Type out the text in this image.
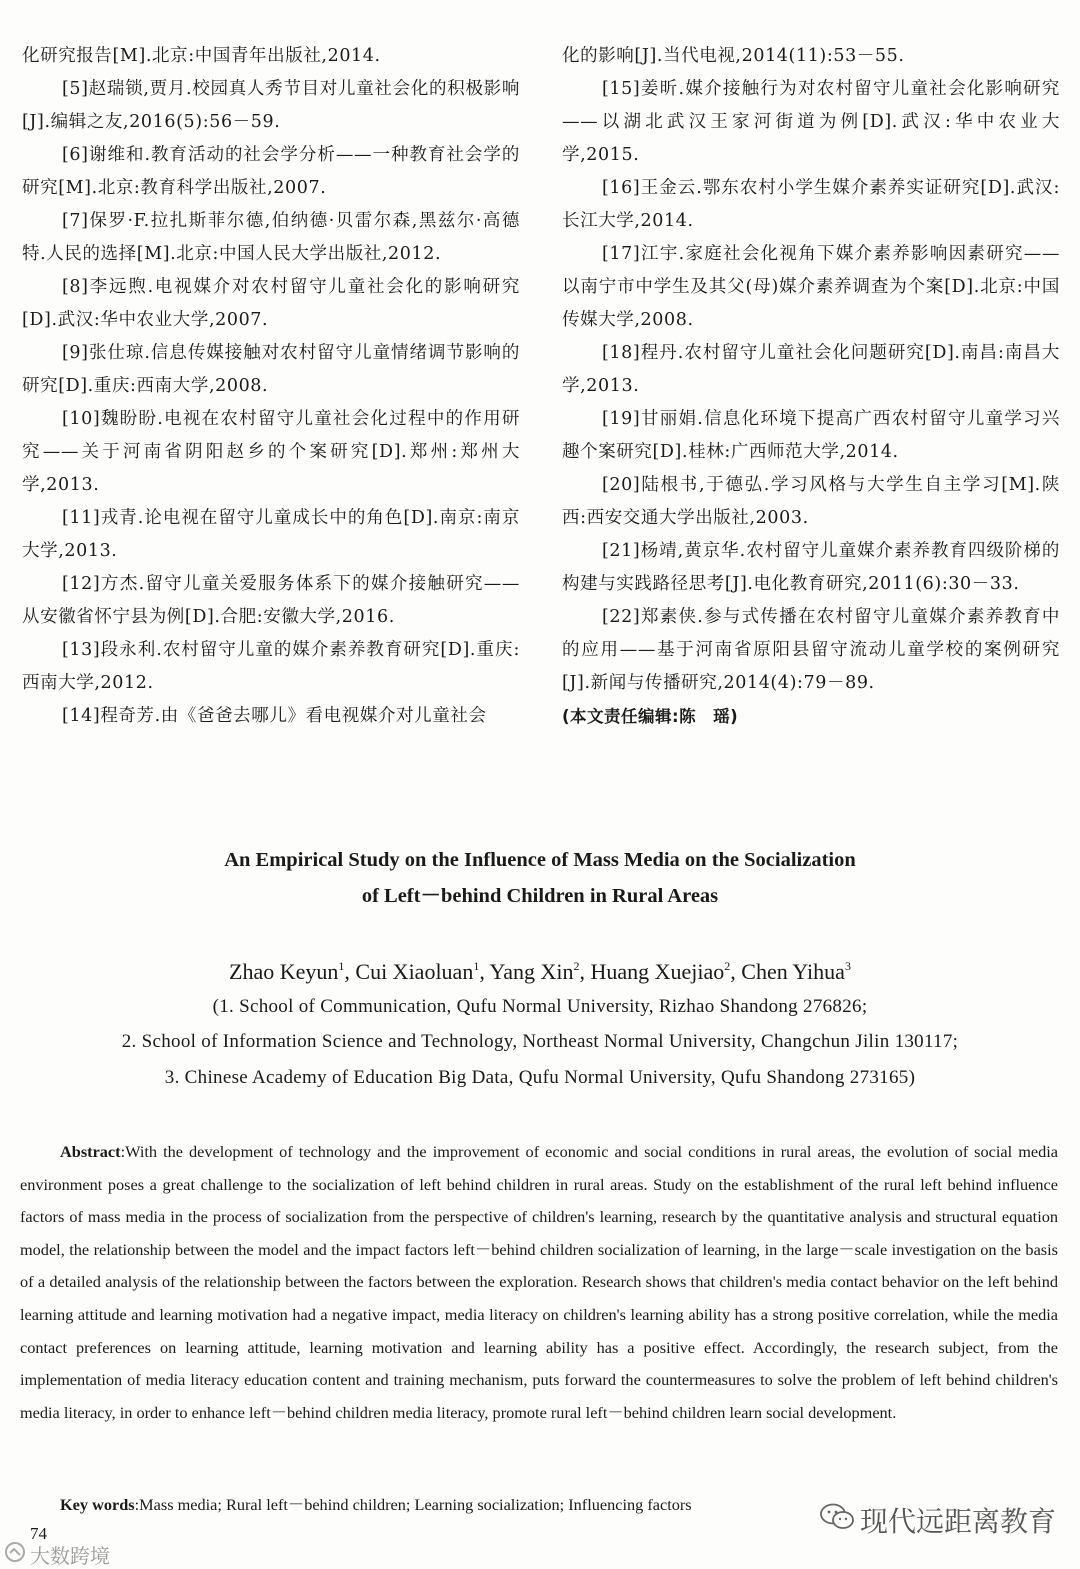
化研究报告[M].北京:中国青年出版社,2014.

[5]赵瑞锁,贾月.校园真人秀节目对儿童社会化的积极影响[J].编辑之友,2016(5):56－59.

[6]谢维和.教育活动的社会学分析——一种教育社会学的研究[M].北京:教育科学出版社,2007.

[7]保罗·F.拉扎斯菲尔德,伯纳德·贝雷尔森,黑兹尔·高德特.人民的选择[M].北京:中国人民大学出版社,2012.

[8]李远煦.电视媒介对农村留守儿童社会化的影响研究[D].武汉:华中农业大学,2007.

[9]张仕琼.信息传媒接触对农村留守儿童情绪调节影响的研究[D].重庆:西南大学,2008.

[10]魏盼盼.电视在农村留守儿童社会化过程中的作用研究——关于河南省阴阳赵乡的个案研究[D].郑州:郑州大学,2013.

[11]戎青.论电视在留守儿童成长中的角色[D].南京:南京大学,2013.

[12]方杰.留守儿童关爱服务体系下的媒介接触研究——从安徽省怀宁县为例[D].合肥:安徽大学,2016.

[13]段永利.农村留守儿童的媒介素养教育研究[D].重庆:西南大学,2012.

[14]程奇芳.由《爸爸去哪儿》看电视媒介对儿童社会

化的影响[J].当代电视,2014(11):53－55.

[15]姜昕.媒介接触行为对农村留守儿童社会化影响研究——以湖北武汉王家河街道为例[D].武汉:华中农业大学,2015.

[16]王金云.鄂东农村小学生媒介素养实证研究[D].武汉:长江大学,2014.

[17]江宇.家庭社会化视角下媒介素养影响因素研究——以南宁市中学生及其父(母)媒介素养调查为个案[D].北京:中国传媒大学,2008.

[18]程丹.农村留守儿童社会化问题研究[D].南昌:南昌大学,2013.

[19]甘丽娟.信息化环境下提高广西农村留守儿童学习兴趣个案研究[D].桂林:广西师范大学,2014.

[20]陆根书,于德弘.学习风格与大学生自主学习[M].陕西:西安交通大学出版社,2003.

[21]杨靖,黄京华.农村留守儿童媒介素养教育四级阶梯的构建与实践路径思考[J].电化教育研究,2011(6):30－33.

[22]郑素侠.参与式传播在农村留守儿童媒介素养教育中的应用——基于河南省原阳县留守流动儿童学校的案例研究[J].新闻与传播研究,2014(4):79－89.

(本文责任编辑:陈　瑶)

An Empirical Study on the Influence of Mass Media on the Socialization
of Left－behind Children in Rural Areas
Zhao Keyun$^1$, Cui Xiaoluan$^1$, Yang Xin$^2$, Huang Xuejiao$^2$, Chen Yihua$^3$
(1. School of Communication, Qufu Normal University, Rizhao Shandong 276826;
2. School of Information Science and Technology, Northeast Normal University, Changchun Jilin 130117;
3. Chinese Academy of Education Big Data, Qufu Normal University, Qufu Shandong 273165)
Abstract:With the development of technology and the improvement of economic and social conditions in rural areas, the evolution of social media environment poses a great challenge to the socialization of left behind children in rural areas. Study on the establishment of the rural left behind influence factors of mass media in the process of socialization from the perspective of children's learning, research by the quantitative analysis and structural equation model, the relationship between the model and the impact factors left－behind children socialization of learning, in the large－scale investigation on the basis of a detailed analysis of the relationship between the factors between the exploration. Research shows that children's media contact behavior on the left behind learning attitude and learning motivation had a negative impact, media literacy on children's learning ability has a strong positive correlation, while the media contact preferences on learning attitude, learning motivation and learning ability has a positive effect. Accordingly, the research subject, from the implementation of media literacy education content and training mechanism, puts forward the countermeasures to solve the problem of left behind children's media literacy, in order to enhance left－behind children media literacy, promote rural left－behind children learn social development.
Key words:Mass media; Rural left－behind children; Learning socialization; Influencing factors
74	现代远距离教育
大数跨境
